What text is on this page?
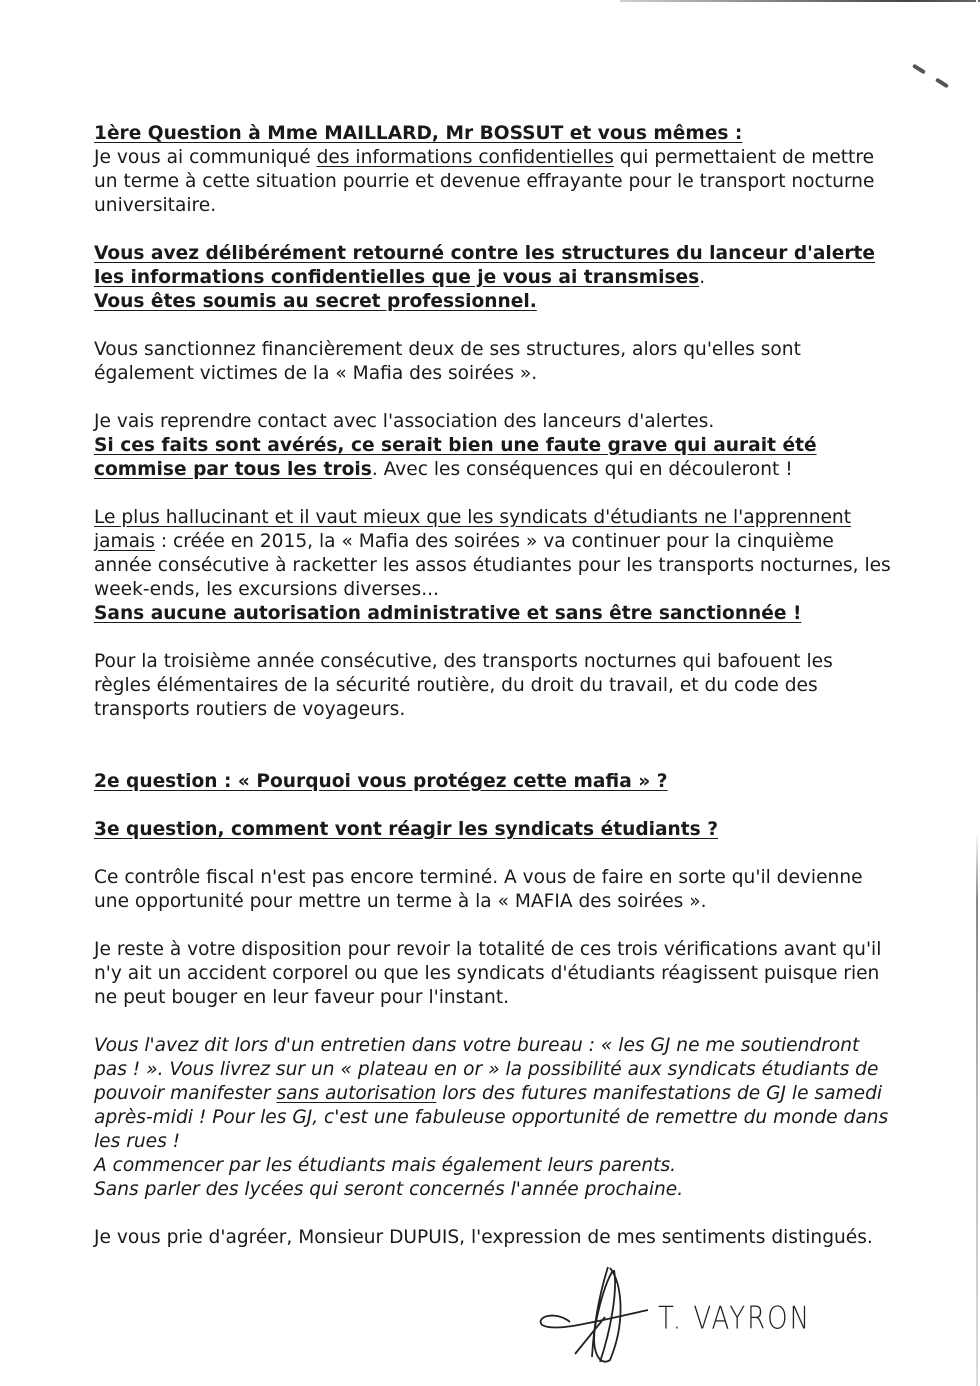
1ère Question à Mme MAILLARD, Mr BOSSUT et vous mêmes :

Je vous ai communiqué des informations confidentielles qui permettaient de mettre un terme à cette situation pourrie et devenue effrayante pour le transport nocturne universitaire.

Vous avez délibérément retourné contre les structures du lanceur d'alerte les informations confidentielles que je vous ai transmises.
Vous êtes soumis au secret professionnel.

Vous sanctionnez financièrement deux de ses structures, alors qu'elles sont également victimes de la « Mafia des soirées ».

Je vais reprendre contact avec l'association des lanceurs d'alertes.
Si ces faits sont avérés, ce serait bien une faute grave qui aurait été commise par tous les trois. Avec les conséquences qui en découleront !

Le plus hallucinant et il vaut mieux que les syndicats d'étudiants ne l'apprennent jamais : créée en 2015, la « Mafia des soirées » va continuer pour la cinquième année consécutive à racketter les assos étudiantes pour les transports nocturnes, les week-ends, les excursions diverses...
Sans aucune autorisation administrative et sans être sanctionnée !

Pour la troisième année consécutive, des transports nocturnes qui bafouent les règles élémentaires de la sécurité routière, du droit du travail, et du code des transports routiers de voyageurs.

2e question : « Pourquoi vous protégez cette mafia » ?

3e question, comment vont réagir les syndicats étudiants ?

Ce contrôle fiscal n'est pas encore terminé. A vous de faire en sorte qu'il devienne une opportunité pour mettre un terme à la « MAFIA des soirées ».

Je reste à votre disposition pour revoir la totalité de ces trois vérifications avant qu'il n'y ait un accident corporel ou que les syndicats d'étudiants réagissent puisque rien ne peut bouger en leur faveur pour l'instant.

Vous l'avez dit lors d'un entretien dans votre bureau : « les GJ ne me soutiendront pas ! ». Vous livrez sur un « plateau en or » la possibilité aux syndicats étudiants de pouvoir manifester sans autorisation lors des futures manifestations de GJ le samedi après-midi ! Pour les GJ, c'est une fabuleuse opportunité de remettre du monde dans les rues !
A commencer par les étudiants mais également leurs parents.
Sans parler des lycées qui seront concernés l'année prochaine.

Je vous prie d'agréer, Monsieur DUPUIS, l'expression de mes sentiments distingués.

T. VAYRON
